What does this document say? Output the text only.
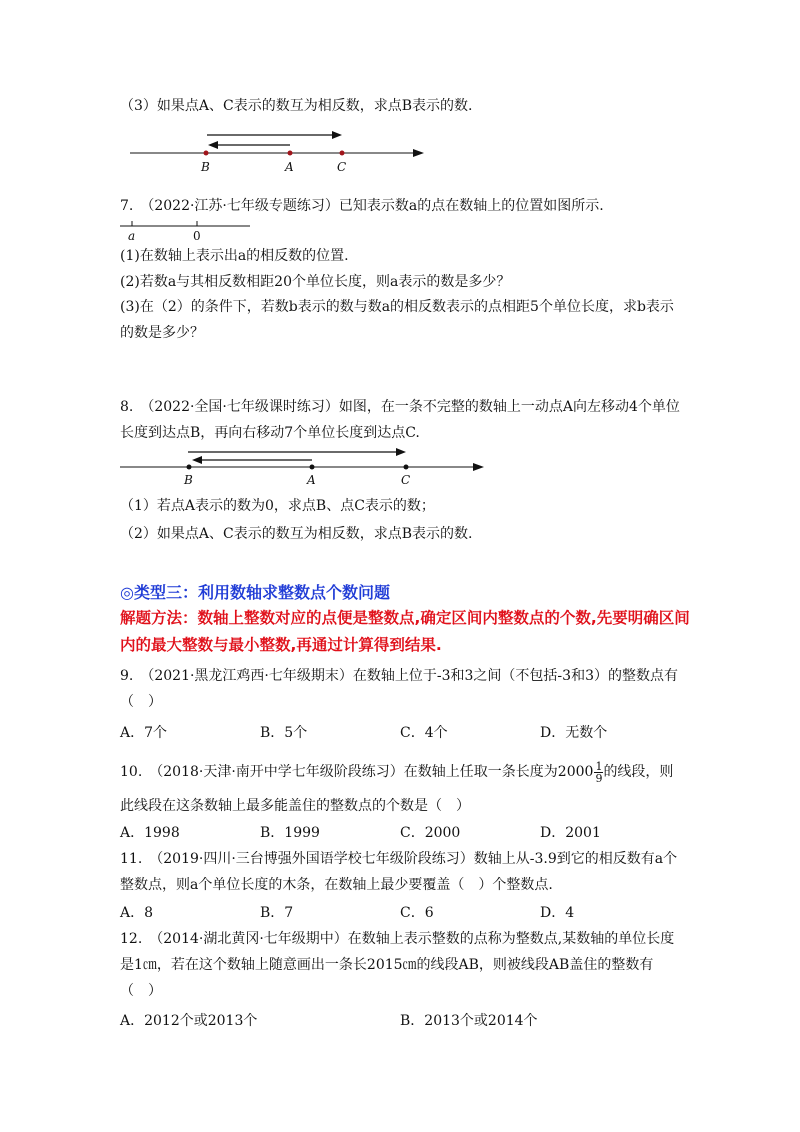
（3）如果点A、C表示的数互为相反数，求点B表示的数.
B	A	C
7.　（2022·江苏·七年级专题练习）已知表示数a的点在数轴上的位置如图所示.
a	0
(1)在数轴上表示出a的相反数的位置.
(2)若数a与其相反数相距20个单位长度，则a表示的数是多少？
(3)在（2）的条件下，若数b表示的数与数a的相反数表示的点相距5个单位长度，求b表示的数是多少？
8.　（2022·全国·七年级课时练习）如图，在一条不完整的数轴上一动点A向左移动4个单位长度到达点B，再向右移动7个单位长度到达点C.
B	A	C
（1）若点A表示的数为0，求点B、点C表示的数；
（2）如果点A、C表示的数互为相反数，求点B表示的数.
◎类型三：利用数轴求整数点个数问题
解题方法：数轴上整数对应的点便是整数点,确定区间内整数点的个数,先要明确区间内的最大整数与最小整数,再通过计算得到结果.
9.　（2021·黑龙江鸡西·七年级期末）在数轴上位于-3和3之间（不包括-3和3）的整数点有（　）
A．7个	B．5个	C．4个	D．无数个
10.　（2018·天津·南开中学七年级阶段练习）在数轴上任取一条长度为$2000 \frac{1}{9}$ 的线段，则
此线段在这条数轴上最多能盖住的整数点的个数是（　）
A．1998	B．1999	C．2000	D．2001
11.　（2019·四川·三台博强外国语学校七年级阶段练习）数轴上从-3.9到它的相反数有a个整数点，则a个单位长度的木条，在数轴上最少要覆盖（　）个整数点.
A．8	B．7	C．6	D．4
12.　（2014·湖北黄冈·七年级期中）在数轴上表示整数的点称为整数点,某数轴的单位长度是1㎝，若在这个数轴上随意画出一条长2015㎝的线段AB，则被线段AB盖住的整数有（　）
A．2012个或2013个	B．2013个或2014个
